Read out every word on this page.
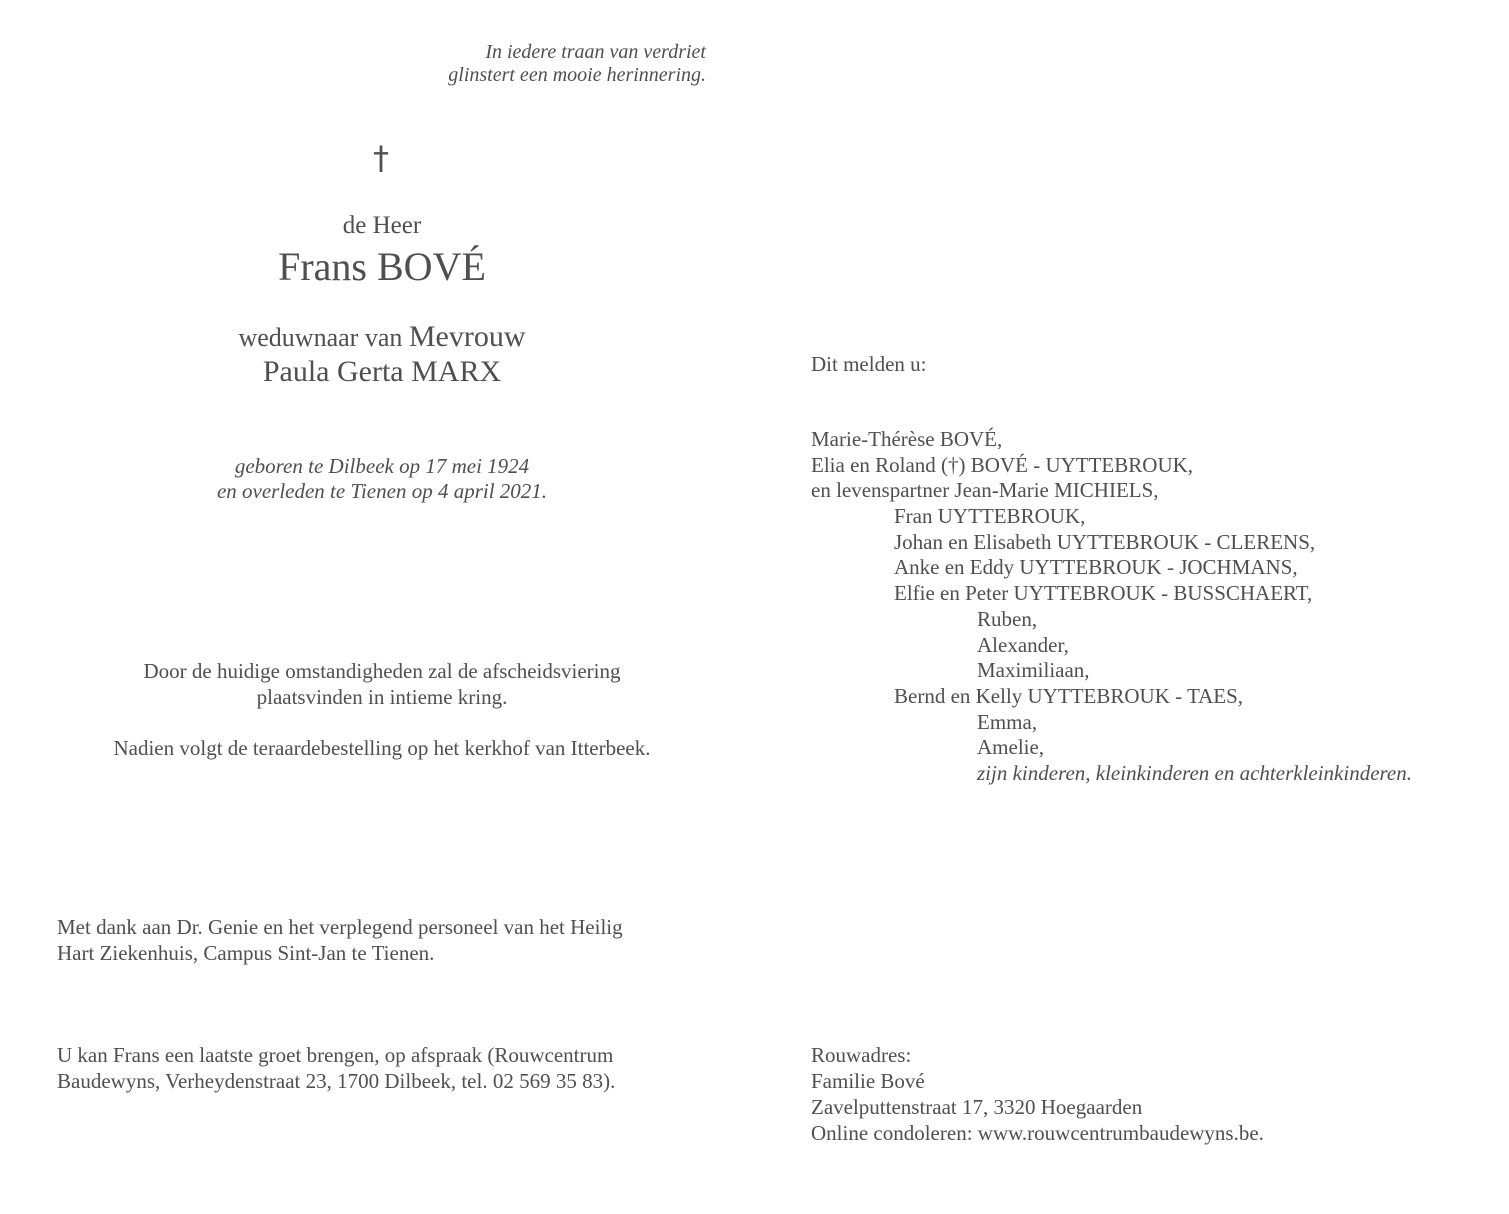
In iedere traan van verdriet
glinstert een mooie herinnering.
†
de Heer
Frans BOVÉ
weduwnaar van Mevrouw
Paula Gerta MARX
geboren te Dilbeek op 17 mei 1924
en overleden te Tienen op 4 april 2021.
Door de huidige omstandigheden zal de afscheidsviering
plaatsvinden in intieme kring.
Nadien volgt de teraardebestelling op het kerkhof van Itterbeek.
Met dank aan Dr. Genie en het verplegend personeel van het Heilig
Hart Ziekenhuis, Campus Sint-Jan te Tienen.
U kan Frans een laatste groet brengen, op afspraak (Rouwcentrum
Baudewyns, Verheydenstraat 23, 1700 Dilbeek, tel. 02 569 35 83).
Dit melden u:
Marie-Thérèse BOVÉ,
Elia en Roland (†) BOVÉ - UYTTEBROUK,
en levenspartner Jean-Marie MICHIELS,
Fran UYTTEBROUK,
Johan en Elisabeth UYTTEBROUK - CLERENS,
Anke en Eddy UYTTEBROUK - JOCHMANS,
Elfie en Peter UYTTEBROUK - BUSSCHAERT,
Ruben,
Alexander,
Maximiliaan,
Bernd en Kelly UYTTEBROUK - TAES,
Emma,
Amelie,
zijn kinderen, kleinkinderen en achterkleinkinderen.
Rouwadres:
Familie Bové
Zavelputtenstraat 17, 3320 Hoegaarden
Online condoleren: www.rouwcentrumbaudewyns.be.
